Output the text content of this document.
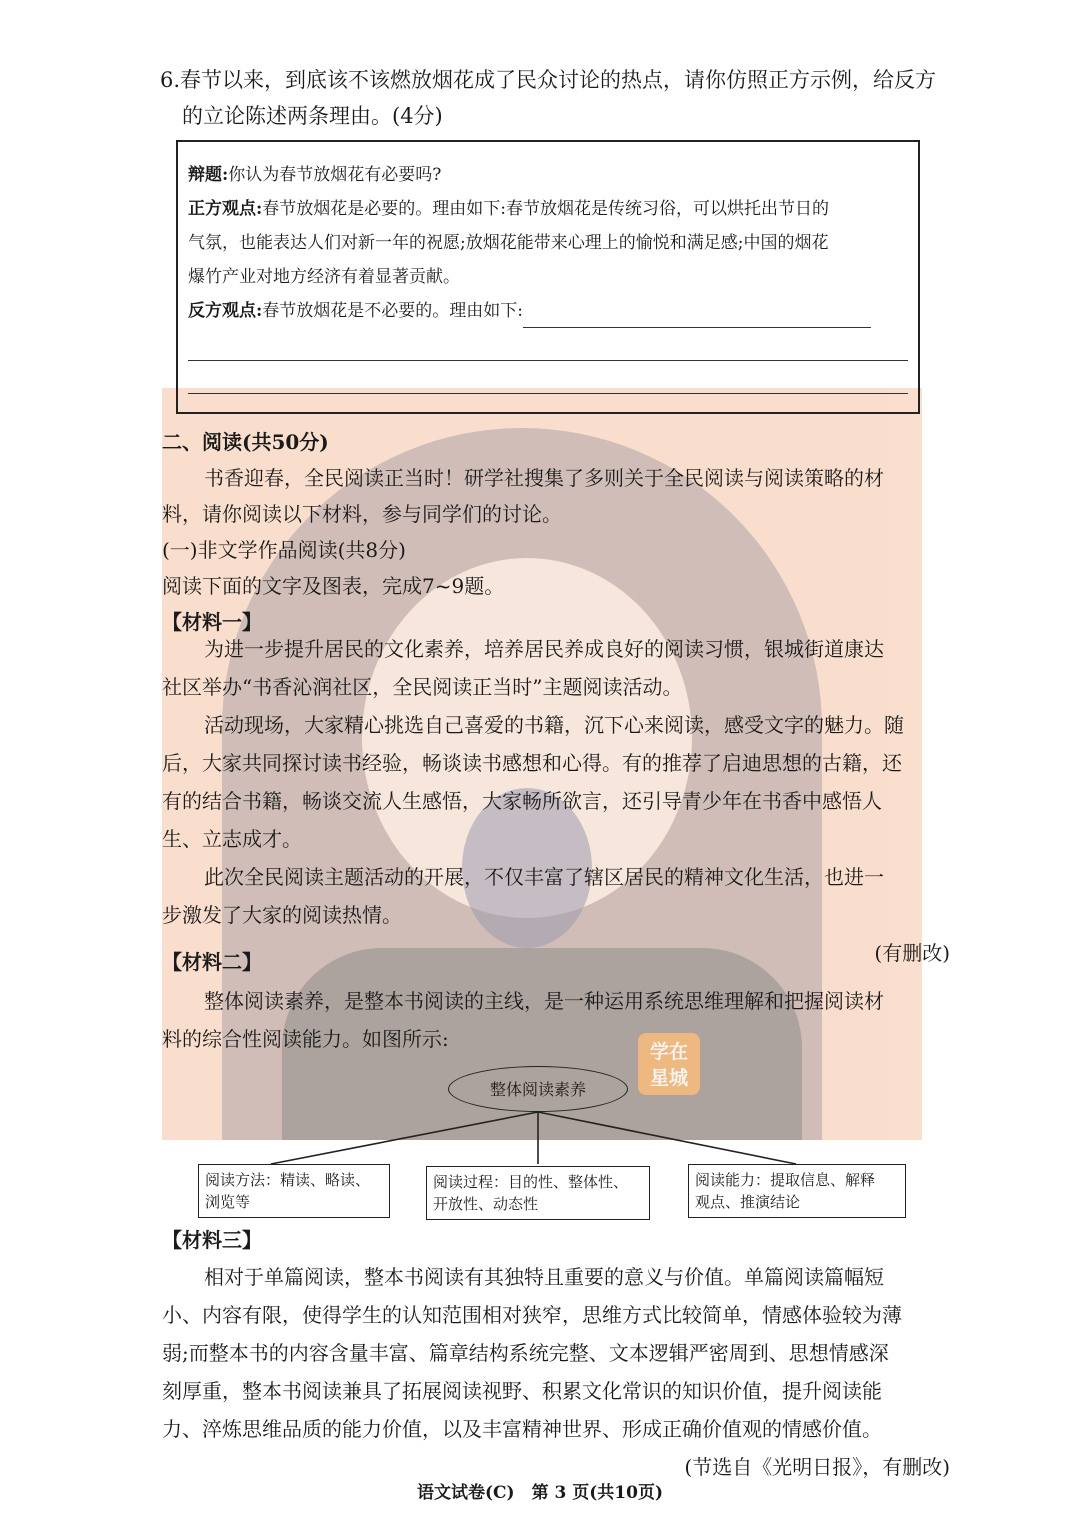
学在
星城
6.春节以来，到底该不该燃放烟花成了民众讨论的热点，请你仿照正方示例，给反方
的立论陈述两条理由。(4分)
辩题:你认为春节放烟花有必要吗?
正方观点:春节放烟花是必要的。理由如下:春节放烟花是传统习俗，可以烘托出节日的
气氛，也能表达人们对新一年的祝愿;放烟花能带来心理上的愉悦和满足感;中国的烟花
爆竹产业对地方经济有着显著贡献。
反方观点:春节放烟花是不必要的。理由如下:
二、阅读(共50分)
书香迎春，全民阅读正当时！研学社搜集了多则关于全民阅读与阅读策略的材
料，请你阅读以下材料，参与同学们的讨论。
(一)非文学作品阅读(共8分)
阅读下面的文字及图表，完成7~9题。
【材料一】
为进一步提升居民的文化素养，培养居民养成良好的阅读习惯，银城街道康达
社区举办“书香沁润社区，全民阅读正当时”主题阅读活动。
活动现场，大家精心挑选自己喜爱的书籍，沉下心来阅读，感受文字的魅力。随
后，大家共同探讨读书经验，畅谈读书感想和心得。有的推荐了启迪思想的古籍，还
有的结合书籍，畅谈交流人生感悟，大家畅所欲言，还引导青少年在书香中感悟人
生、立志成才。
此次全民阅读主题活动的开展，不仅丰富了辖区居民的精神文化生活，也进一
步激发了大家的阅读热情。
(有删改)
【材料二】
整体阅读素养，是整本书阅读的主线，是一种运用系统思维理解和把握阅读材
料的综合性阅读能力。如图所示:
整体阅读素养
阅读方法：精读、略读、
浏览等
阅读过程：目的性、整体性、
开放性、动态性
阅读能力：提取信息、解释
观点、推演结论
【材料三】
相对于单篇阅读，整本书阅读有其独特且重要的意义与价值。单篇阅读篇幅短
小、内容有限，使得学生的认知范围相对狭窄，思维方式比较简单，情感体验较为薄
弱;而整本书的内容含量丰富、篇章结构系统完整、文本逻辑严密周到、思想情感深
刻厚重，整本书阅读兼具了拓展阅读视野、积累文化常识的知识价值，提升阅读能
力、淬炼思维品质的能力价值，以及丰富精神世界、形成正确价值观的情感价值。
(节选自《光明日报》，有删改)
语文试卷(C)　第 3 页(共10页)
